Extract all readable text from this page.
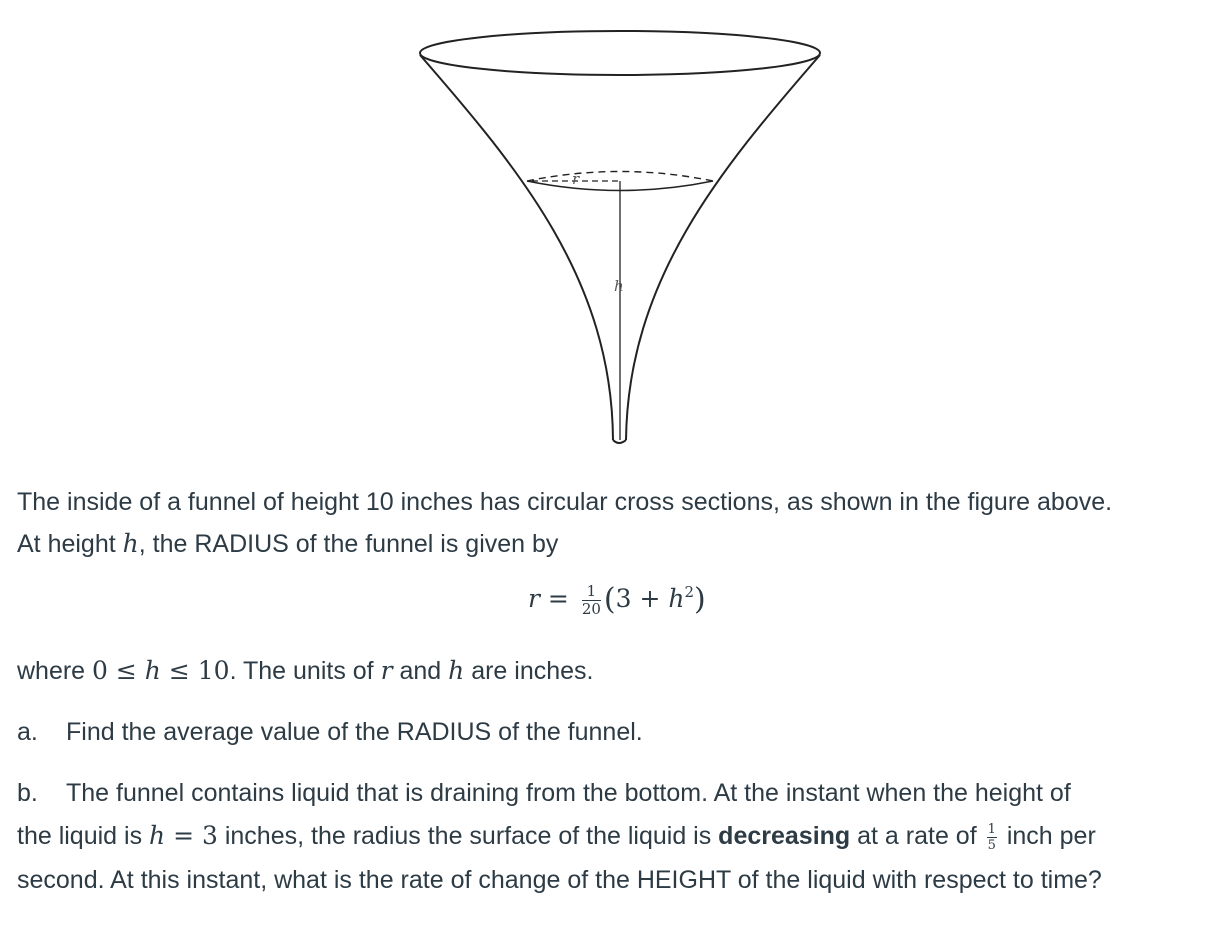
r
h

The inside of a funnel of height 10 inches has circular cross sections, as shown in the figure above.

At height h, the RADIUS of the funnel is given by

$r = \frac{1}{20} (3 + h^2)$

where 0 ≤ h ≤ 10. The units of r and h are inches.

a. Find the average value of the RADIUS of the funnel.

b. The funnel contains liquid that is draining from the bottom. At the instant when the height of

the liquid is h = 3 inches, the radius the surface of the liquid is decreasing at a rate of $\frac{1}{5}$ inch per

second. At this instant, what is the rate of change of the HEIGHT of the liquid with respect to time?
